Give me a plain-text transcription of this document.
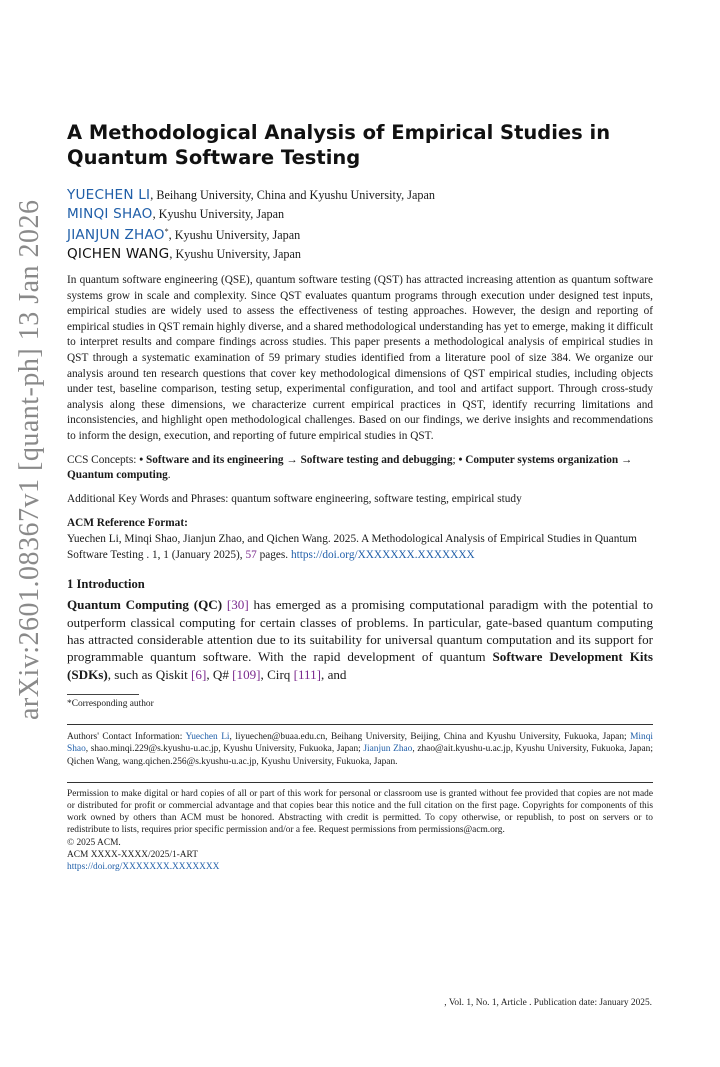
arXiv:2601.08367v1 [quant-ph] 13 Jan 2026
A Methodological Analysis of Empirical Studies in Quantum Software Testing
YUECHEN LI, Beihang University, China and Kyushu University, Japan
MINQI SHAO, Kyushu University, Japan
JIANJUN ZHAO*, Kyushu University, Japan
QICHEN WANG, Kyushu University, Japan

In quantum software engineering (QSE), quantum software testing (QST) has attracted increasing attention as quantum software systems grow in scale and complexity. Since QST evaluates quantum programs through execution under designed test inputs, empirical studies are widely used to assess the effectiveness of testing approaches. However, the design and reporting of empirical studies in QST remain highly diverse, and a shared methodological understanding has yet to emerge, making it difficult to interpret results and compare findings across studies. This paper presents a methodological analysis of empirical studies in QST through a systematic examination of 59 primary studies identified from a literature pool of size 384. We organize our analysis around ten research questions that cover key methodological dimensions of QST empirical studies, including objects under test, baseline comparison, testing setup, experimental configuration, and tool and artifact support. Through cross-study analysis along these dimensions, we characterize current empirical practices in QST, identify recurring limitations and inconsistencies, and highlight open methodological challenges. Based on our findings, we derive insights and recommendations to inform the design, execution, and reporting of future empirical studies in QST.

CCS Concepts: • Software and its engineering → Software testing and debugging; • Computer systems organization → Quantum computing.

Additional Key Words and Phrases: quantum software engineering, software testing, empirical study

ACM Reference Format:

Yuechen Li, Minqi Shao, Jianjun Zhao, and Qichen Wang. 2025. A Methodological Analysis of Empirical Studies in Quantum Software Testing . 1, 1 (January 2025), 57 pages. https://doi.org/XXXXXXX.XXXXXXX

1 Introduction

Quantum Computing (QC) [30] has emerged as a promising computational paradigm with the potential to outperform classical computing for certain classes of problems. In particular, gate-based quantum computing has attracted considerable attention due to its suitability for universal quantum computation and its support for programmable quantum software. With the rapid development of quantum Software Development Kits (SDKs), such as Qiskit [6], Q# [109], Cirq [111], and

*Corresponding author

Authors' Contact Information: Yuechen Li, liyuechen@buaa.edu.cn, Beihang University, Beijing, China and Kyushu University, Fukuoka, Japan; Minqi Shao, shao.minqi.229@s.kyushu-u.ac.jp, Kyushu University, Fukuoka, Japan; Jianjun Zhao, zhao@ait.kyushu-u.ac.jp, Kyushu University, Fukuoka, Japan; Qichen Wang, wang.qichen.256@s.kyushu-u.ac.jp, Kyushu University, Fukuoka, Japan.
Permission to make digital or hard copies of all or part of this work for personal or classroom use is granted without fee provided that copies are not made or distributed for profit or commercial advantage and that copies bear this notice and the full citation on the first page. Copyrights for components of this work owned by others than ACM must be honored. Abstracting with credit is permitted. To copy otherwise, or republish, to post on servers or to redistribute to lists, requires prior specific permission and/or a fee. Request permissions from permissions@acm.org.
© 2025 ACM.
ACM XXXX-XXXX/2025/1-ART
https://doi.org/XXXXXXX.XXXXXXX
, Vol. 1, No. 1, Article . Publication date: January 2025.
